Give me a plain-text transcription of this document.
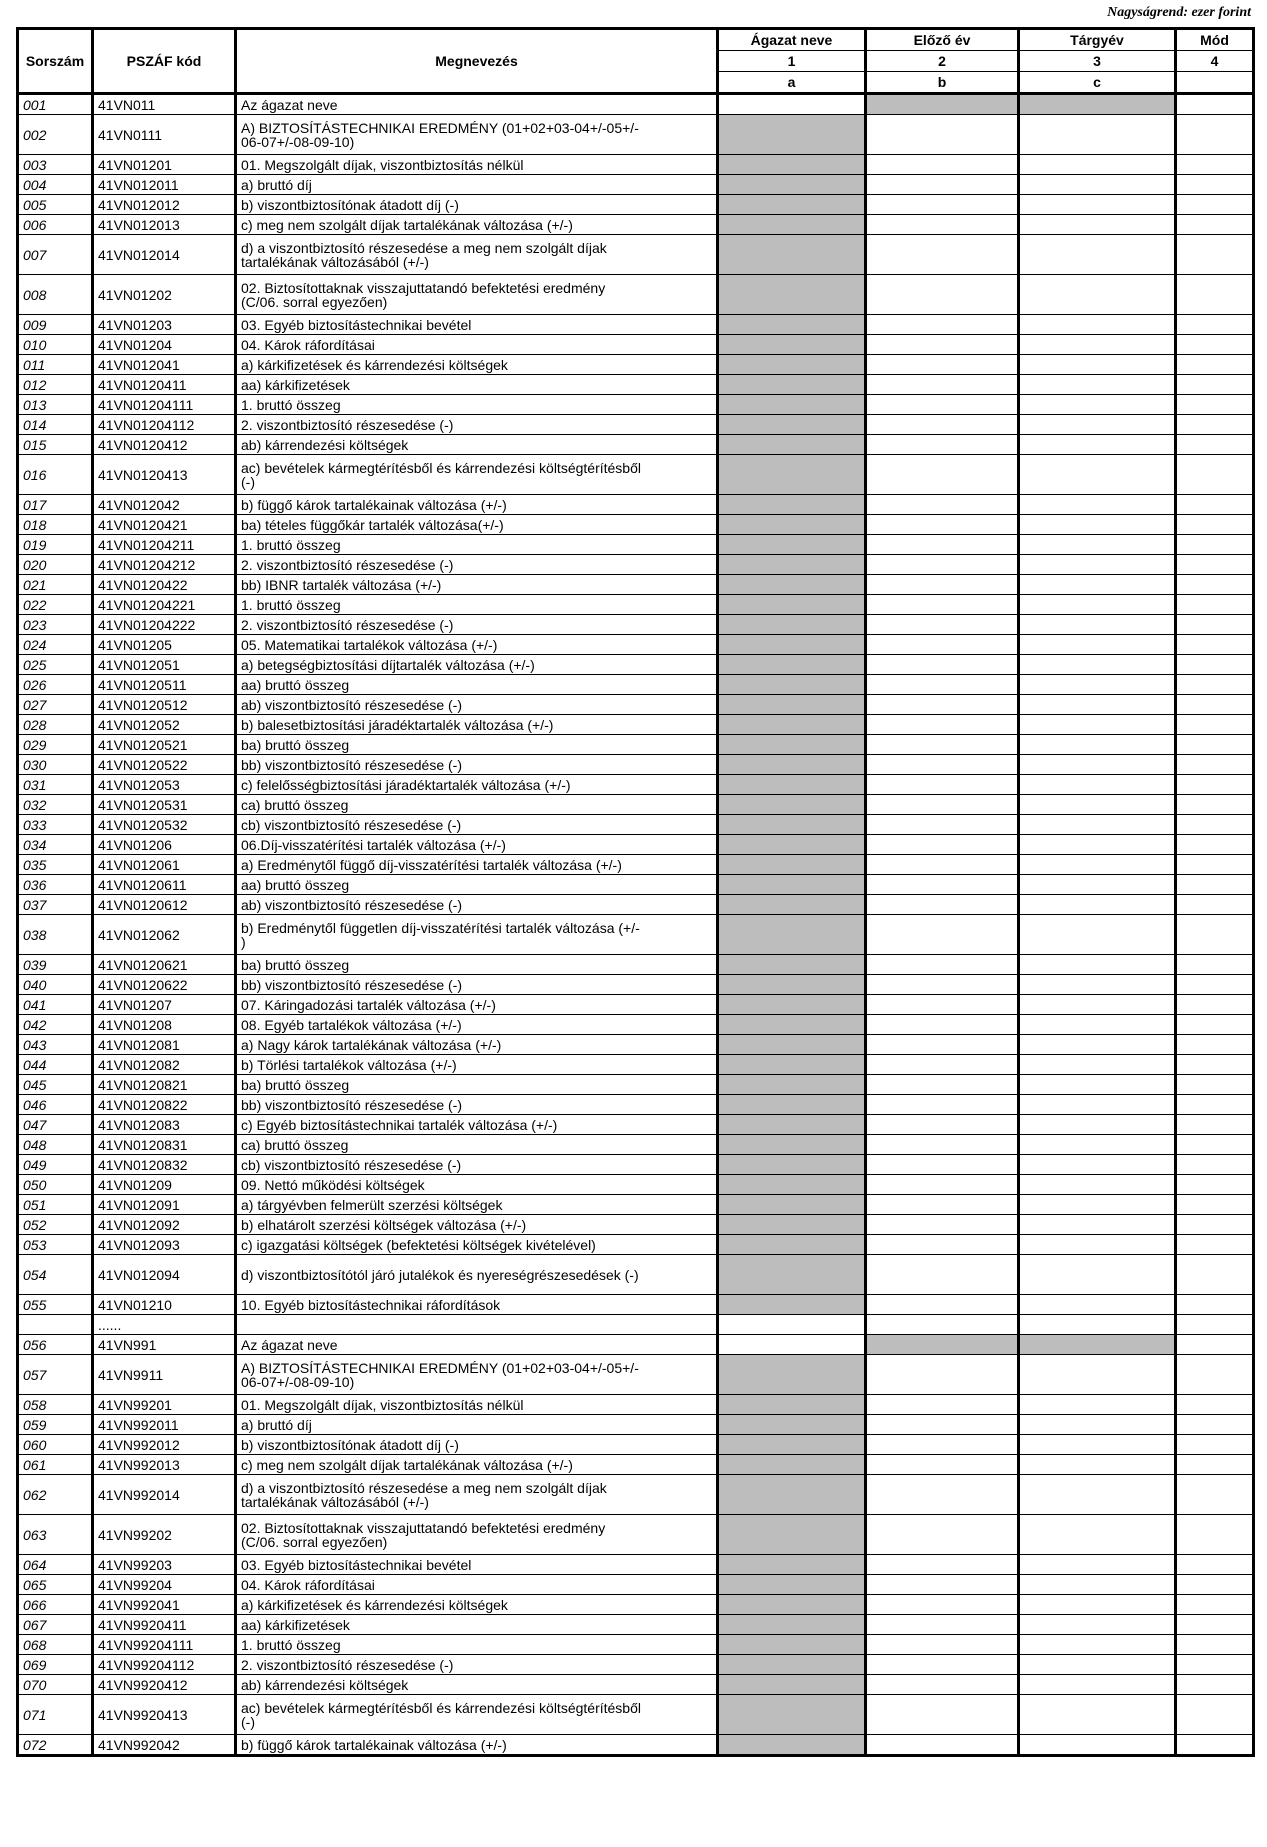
Nagyságrend: ezer forint
Sorszám	PSZÁF kód	Megnevezés	Ágazat neve	Előző év	Tárgyév	Mód
			1	2	3	4
			a	b	c	
001	41VN011	Az ágazat neve				
002	41VN0111	A) BIZTOSÍTÁSTECHNIKAI EREDMÉNY (01+02+03-04+/-05+/-
06-07+/-08-09-10)				

003	41VN01201	01. Megszolgált díjak, viszontbiztosítás nélkül				
004	41VN012011	a) bruttó díj				
005	41VN012012	b) viszontbiztosítónak átadott díj (-)				
006	41VN012013	c) meg nem szolgált díjak tartalékának változása (+/-)				
007	41VN012014	d) a viszontbiztosító részesedése a meg nem szolgált díjak
tartalékának változásából (+/-)				

008	41VN01202	02. Biztosítottaknak visszajuttatandó befektetési eredmény
(C/06. sorral egyezően)				

009	41VN01203	03. Egyéb biztosítástechnikai bevétel				
010	41VN01204	04. Károk ráfordításai				
011	41VN012041	a) kárkifizetések és kárrendezési költségek				
012	41VN0120411	aa) kárkifizetések				
013	41VN01204111	1. bruttó összeg				
014	41VN01204112	2. viszontbiztosító részesedése (-)				
015	41VN0120412	ab) kárrendezési költségek				
016	41VN0120413	ac) bevételek kármegtérítésből és kárrendezési költségtérítésből
(-)				

017	41VN012042	b) függő károk tartalékainak változása (+/-)				
018	41VN0120421	ba) tételes függőkár tartalék változása(+/-)				
019	41VN01204211	1. bruttó összeg				
020	41VN01204212	2. viszontbiztosító részesedése (-)				
021	41VN0120422	bb) IBNR tartalék változása (+/-)				
022	41VN01204221	1. bruttó összeg				
023	41VN01204222	2. viszontbiztosító részesedése (-)				
024	41VN01205	05. Matematikai tartalékok változása (+/-)				
025	41VN012051	a) betegségbiztosítási díjtartalék változása (+/-)				
026	41VN0120511	aa) bruttó összeg				
027	41VN0120512	ab) viszontbiztosító részesedése (-)				
028	41VN012052	b) balesetbiztosítási járadéktartalék változása (+/-)				
029	41VN0120521	ba) bruttó összeg				
030	41VN0120522	bb) viszontbiztosító részesedése (-)				
031	41VN012053	c) felelősségbiztosítási járadéktartalék változása (+/-)				
032	41VN0120531	ca) bruttó összeg				
033	41VN0120532	cb) viszontbiztosító részesedése (-)				
034	41VN01206	06.Díj-visszatérítési tartalék változása (+/-)				
035	41VN012061	a) Eredménytől függő díj-visszatérítési tartalék változása (+/-)				
036	41VN0120611	aa) bruttó összeg				
037	41VN0120612	ab) viszontbiztosító részesedése (-)				
038	41VN012062	b) Eredménytől független díj-visszatérítési tartalék változása (+/-
)				

039	41VN0120621	ba) bruttó összeg				
040	41VN0120622	bb) viszontbiztosító részesedése (-)				
041	41VN01207	07. Káringadozási tartalék változása (+/-)				
042	41VN01208	08. Egyéb tartalékok változása (+/-)				
043	41VN012081	a) Nagy károk tartalékának változása (+/-)				
044	41VN012082	b) Törlési tartalékok változása (+/-)				
045	41VN0120821	ba) bruttó összeg				
046	41VN0120822	bb) viszontbiztosító részesedése (-)				
047	41VN012083	c) Egyéb biztosítástechnikai tartalék változása (+/-)				
048	41VN0120831	ca) bruttó összeg				
049	41VN0120832	cb) viszontbiztosító részesedése (-)				
050	41VN01209	09. Nettó működési költségek				
051	41VN012091	a) tárgyévben felmerült szerzési költségek				
052	41VN012092	b) elhatárolt szerzési költségek változása (+/-)				
053	41VN012093	c) igazgatási költségek (befektetési költségek kivételével)				
054	41VN012094	d) viszontbiztosítótól járó jutalékok és nyereségrészesedések (-)				
055	41VN01210	10. Egyéb biztosítástechnikai ráfordítások				
	......					
056	41VN991	Az ágazat neve				
057	41VN9911	A) BIZTOSÍTÁSTECHNIKAI EREDMÉNY (01+02+03-04+/-05+/-
06-07+/-08-09-10)				

058	41VN99201	01. Megszolgált díjak, viszontbiztosítás nélkül				
059	41VN992011	a) bruttó díj				
060	41VN992012	b) viszontbiztosítónak átadott díj (-)				
061	41VN992013	c) meg nem szolgált díjak tartalékának változása (+/-)				
062	41VN992014	d) a viszontbiztosító részesedése a meg nem szolgált díjak
tartalékának változásából (+/-)				

063	41VN99202	02. Biztosítottaknak visszajuttatandó befektetési eredmény
(C/06. sorral egyezően)				

064	41VN99203	03. Egyéb biztosítástechnikai bevétel				
065	41VN99204	04. Károk ráfordításai				
066	41VN992041	a) kárkifizetések és kárrendezési költségek				
067	41VN9920411	aa) kárkifizetések				
068	41VN99204111	1. bruttó összeg				
069	41VN99204112	2. viszontbiztosító részesedése (-)				
070	41VN9920412	ab) kárrendezési költségek				
071	41VN9920413	ac) bevételek kármegtérítésből és kárrendezési költségtérítésből
(-)				

072	41VN992042	b) függő károk tartalékainak változása (+/-)				
